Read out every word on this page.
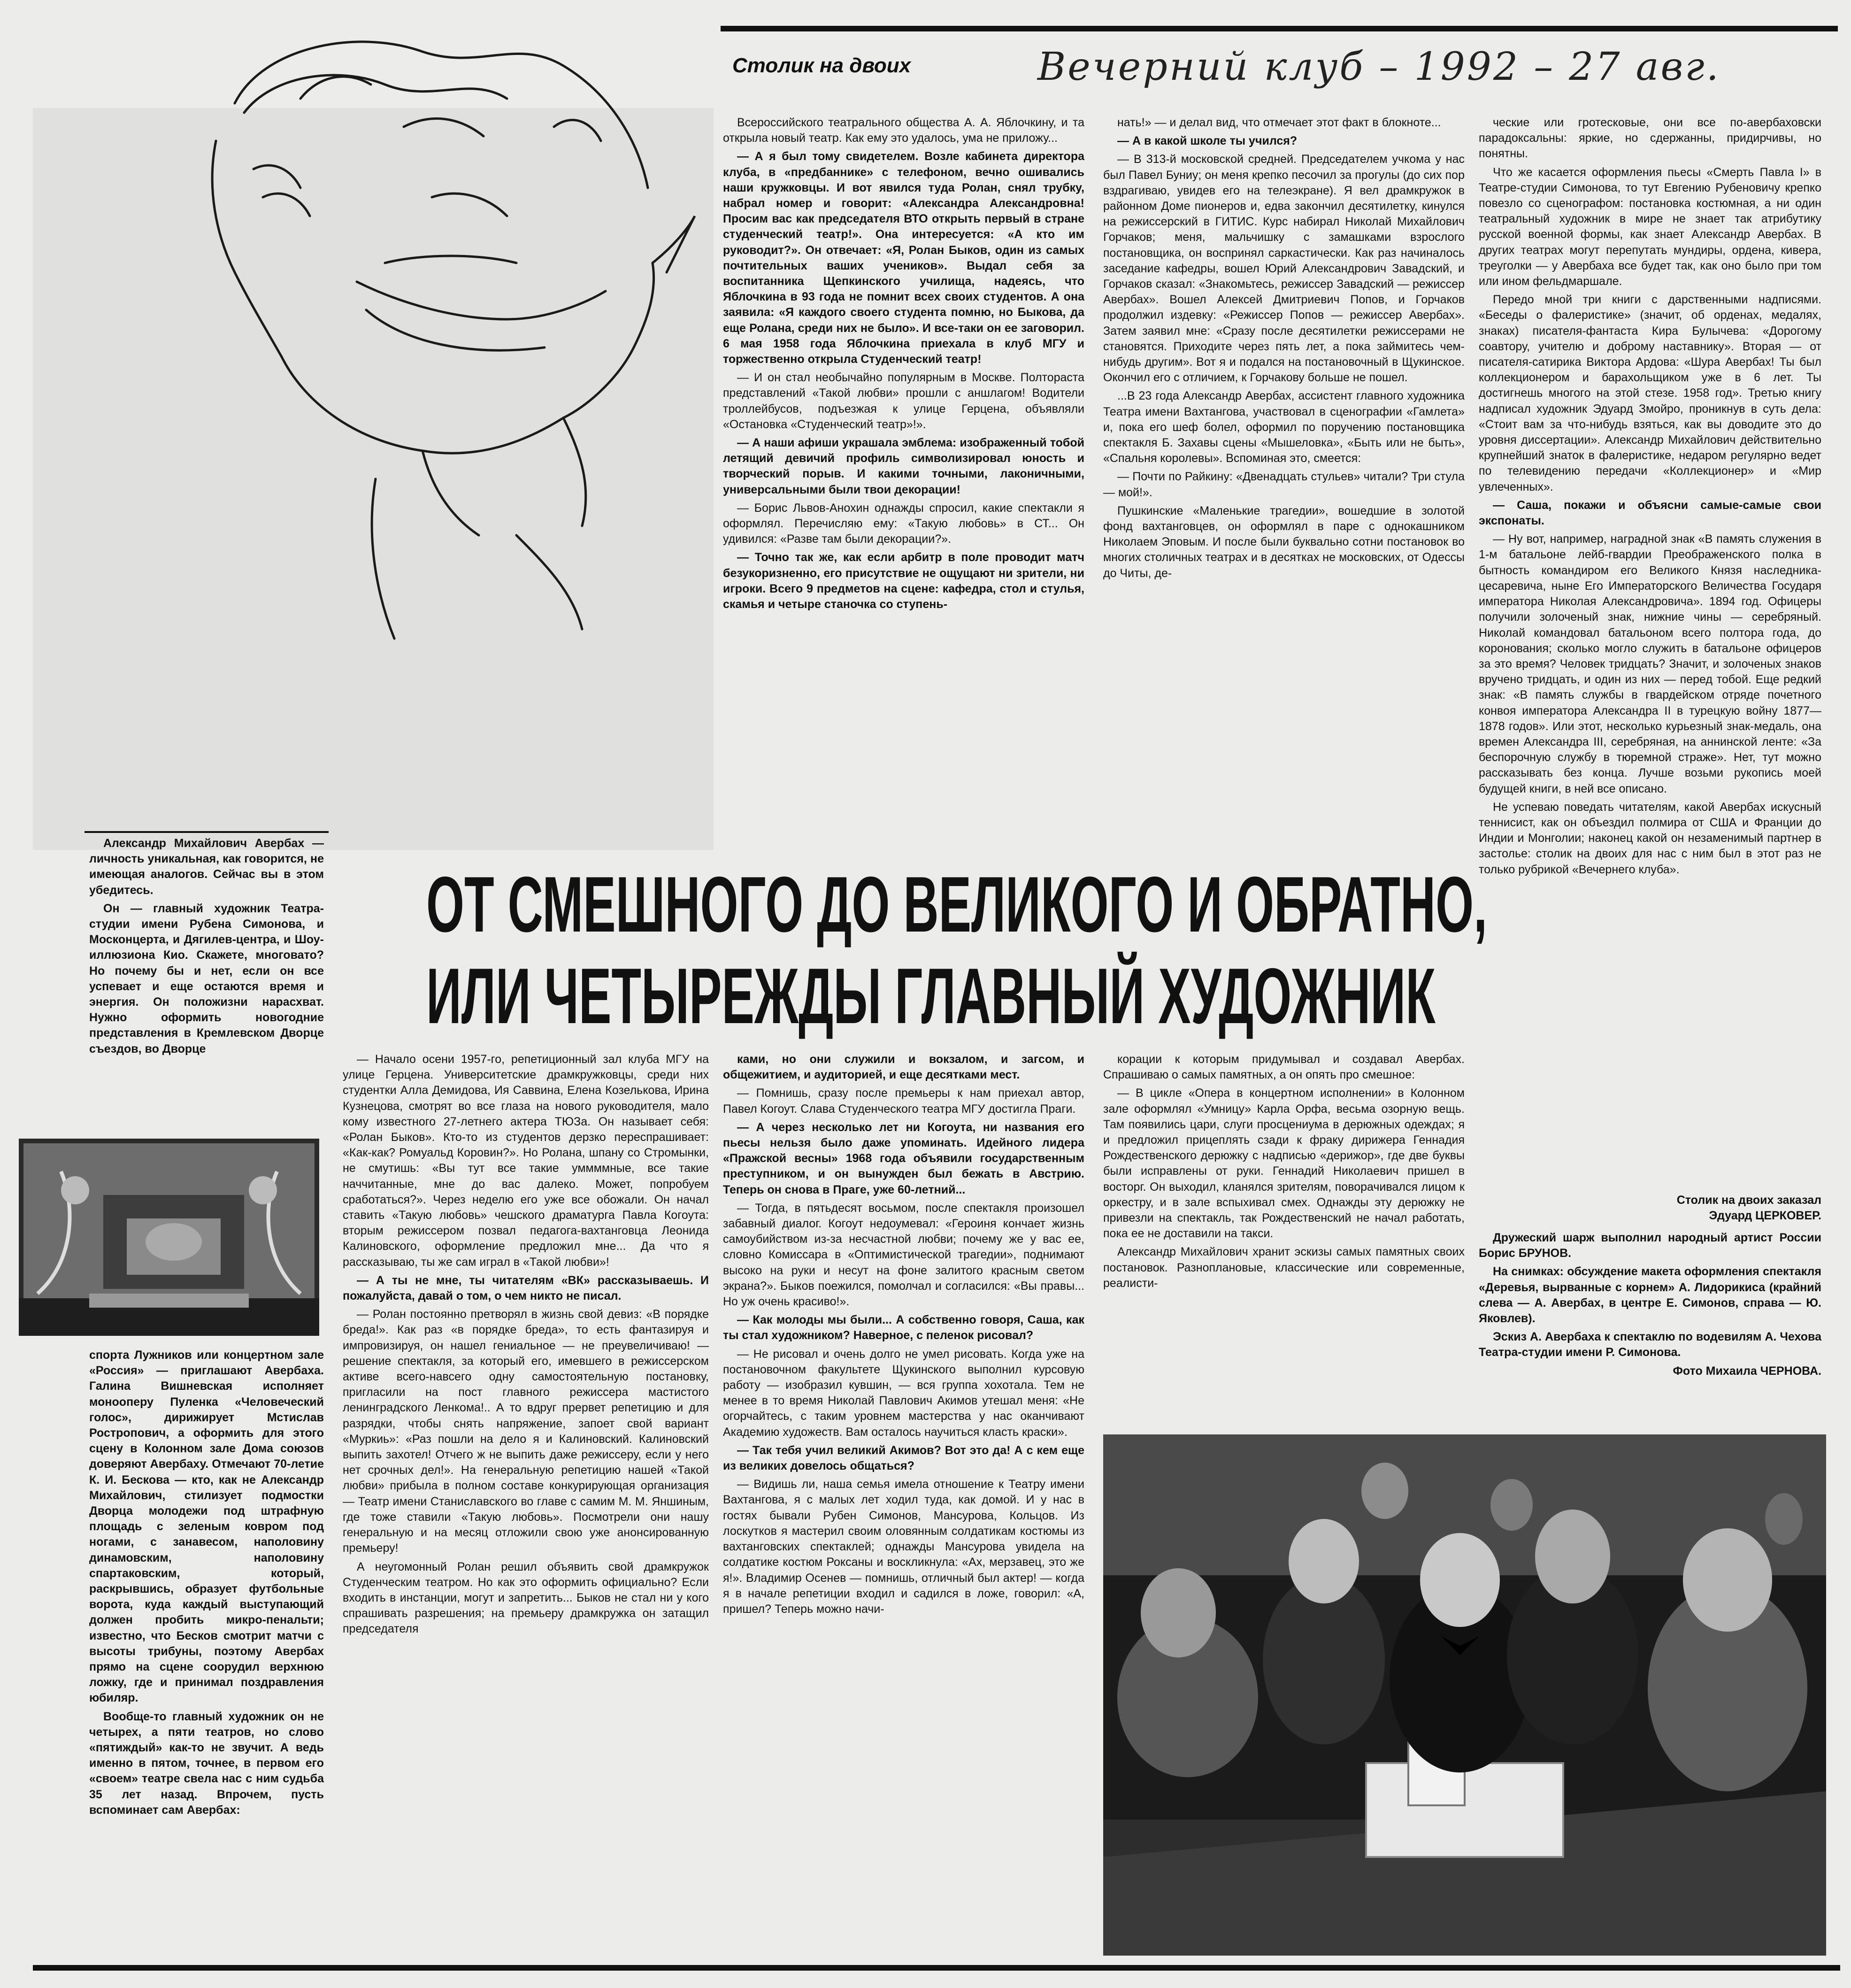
Столик на двоих	Вечерний клуб – 1992 – 27 авг.

Всероссийского театрального общества А. А. Яблочкину, и та открыла новый театр. Как ему это удалось, ума не приложу...

— А я был тому свидетелем. Возле кабинета директора клуба, в «предбаннике» с телефоном, вечно ошивались наши кружковцы. И вот явился туда Ролан, снял трубку, набрал номер и говорит: «Александра Александровна! Просим вас как председателя ВТО открыть первый в стране студенческий театр!». Она интересуется: «А кто им руководит?». Он отвечает: «Я, Ролан Быков, один из самых почтительных ваших учеников». Выдал себя за воспитанника Щепкинского училища, надеясь, что Яблочкина в 93 года не помнит всех своих студентов. А она заявила: «Я каждого своего студента помню, но Быкова, да еще Ролана, среди них не было». И все-таки он ее заговорил. 6 мая 1958 года Яблочкина приехала в клуб МГУ и торжественно открыла Студенческий театр!

— И он стал необычайно популярным в Москве. Полтораста представлений «Такой любви» прошли с аншлагом! Водители троллейбусов, подъезжая к улице Герцена, объявляли «Остановка «Студенческий театр»!».

— А наши афиши украшала эмблема: изображенный тобой летящий девичий профиль символизировал юность и творческий порыв. И какими точными, лаконичными, универсальными были твои декорации!

— Борис Львов-Анохин однажды спросил, какие спектакли я оформлял. Перечисляю ему: «Такую любовь» в СТ... Он удивился: «Разве там были декорации?».

— Точно так же, как если арбитр в поле проводит матч безукоризненно, его присутствие не ощущают ни зрители, ни игроки. Всего 9 предметов на сцене: кафедра, стол и стулья, скамья и четыре станочка со ступень-

нать!» — и делал вид, что отмечает этот факт в блокноте...

— А в какой школе ты учился?

— В 313-й московской средней. Председателем учкома у нас был Павел Буниу; он меня крепко песочил за прогулы (до сих пор вздрагиваю, увидев его на телеэкране). Я вел драмкружок в районном Доме пионеров и, едва закончил десятилетку, кинулся на режиссерский в ГИТИС. Курс набирал Николай Михайлович Горчаков; меня, мальчишку с замашками взрослого постановщика, он воспринял саркастически. Как раз начиналось заседание кафедры, вошел Юрий Александрович Завадский, и Горчаков сказал: «Знакомьтесь, режиссер Завадский — режиссер Авербах». Вошел Алексей Дмитриевич Попов, и Горчаков продолжил издевку: «Режиссер Попов — режиссер Авербах». Затем заявил мне: «Сразу после десятилетки режиссерами не становятся. Приходите через пять лет, а пока займитесь чем-нибудь другим». Вот я и подался на постановочный в Щукинское. Окончил его с отличием, к Горчакову больше не пошел.

...В 23 года Александр Авербах, ассистент главного художника Театра имени Вахтангова, участвовал в сценографии «Гамлета» и, пока его шеф болел, оформил по поручению постановщика спектакля Б. Захавы сцены «Мышеловка», «Быть или не быть», «Спальня королевы». Вспоминая это, смеется:

— Почти по Райкину: «Двенадцать стульев» читали? Три стула — мой!».

Пушкинские «Маленькие трагедии», вошедшие в золотой фонд вахтанговцев, он оформлял в паре с однокашником Николаем Эповым. И после были буквально сотни постановок во многих столичных театрах и в десятках не московских, от Одессы до Читы, де-

ческие или гротесковые, они все по-авербаховски парадоксальны: яркие, но сдержанны, придирчивы, но понятны.

Что же касается оформления пьесы «Смерть Павла I» в Театре-студии Симонова, то тут Евгению Рубеновичу крепко повезло со сценографом: постановка костюмная, а ни один театральный художник в мире не знает так атрибутику русской военной формы, как знает Александр Авербах. В других театрах могут перепутать мундиры, ордена, кивера, треуголки — у Авербаха все будет так, как оно было при том или ином фельдмаршале.

Передо мной три книги с дарственными надписями. «Беседы о фалеристике» (значит, об орденах, медалях, знаках) писателя-фантаста Кира Булычева: «Дорогому соавтору, учителю и доброму наставнику». Вторая — от писателя-сатирика Виктора Ардова: «Шура Авербах! Ты был коллекционером и барахольщиком уже в 6 лет. Ты достигнешь многого на этой стезе. 1958 год». Третью книгу надписал художник Эдуард Змойро, проникнув в суть дела: «Стоит вам за что-нибудь взяться, как вы доводите это до уровня диссертации». Александр Михайлович действительно крупнейший знаток в фалеристике, недаром регулярно ведет по телевидению передачи «Коллекционер» и «Мир увлеченных».

— Саша, покажи и объясни самые-самые свои экспонаты.

— Ну вот, например, наградной знак «В память служения в 1-м батальоне лейб-гвардии Преображенского полка в бытность командиром его Великого Князя наследника-цесаревича, ныне Его Императорского Величества Государя императора Николая Александровича». 1894 год. Офицеры получили золоченый знак, нижние чины — серебряный. Николай командовал батальоном всего полтора года, до коронования; сколько могло служить в батальоне офицеров за это время? Человек тридцать? Значит, и золоченых знаков вручено тридцать, и один из них — перед тобой. Еще редкий знак: «В память службы в гвардейском отряде почетного конвоя императора Александра II в турецкую войну 1877—1878 годов». Или этот, несколько курьезный знак-медаль, она времен Александра III, серебряная, на аннинской ленте: «За беспорочную службу в тюремной страже». Нет, тут можно рассказывать без конца. Лучше возьми рукопись моей будущей книги, в ней все описано.

Не успеваю поведать читателям, какой Авербах искусный теннисист, как он объездил полмира от США и Франции до Индии и Монголии; наконец какой он незаменимый партнер в застолье: столик на двоих для нас с ним был в этот раз не только рубрикой «Вечернего клуба».

Столик на двоих заказал
Эдуард ЦЕРКОВЕР.

Дружеский шарж выполнил народный артист России Борис БРУНОВ.

На снимках: обсуждение макета оформления спектакля «Деревья, вырванные с корнем» А. Лидорикиса (крайний слева — А. Авербах, в центре Е. Симонов, справа — Ю. Яковлев).

Эскиз А. Авербаха к спектаклю по водевилям А. Чехова Театра-студии имени Р. Симонова.

Фото Михаила ЧЕРНОВА.

Александр Михайлович Авербах — личность уникальная, как говорится, не имеющая аналогов. Сейчас вы в этом убедитесь.

Он — главный художник Театра-студии имени Рубена Симонова, и Москонцерта, и Дягилев-центра, и Шоу-иллюзиона Кио. Скажете, многовато? Но почему бы и нет, если он все успевает и еще остаются время и энергия. Он положизни нарасхват. Нужно оформить новогодние представления в Кремлевском Дворце съездов, во Дворце

ОТ СМЕШНОГО ДО ВЕЛИКОГО И ОБРАТНО,
ИЛИ ЧЕТЫРЕЖДЫ ГЛАВНЫЙ ХУДОЖНИК

спорта Лужников или концертном зале «Россия» — приглашают Авербаха. Галина Вишневская исполняет монооперу Пуленка «Человеческий голос», дирижирует Мстислав Ростропович, а оформить для этого сцену в Колонном зале Дома союзов доверяют Авербаху. Отмечают 70-летие К. И. Бескова — кто, как не Александр Михайлович, стилизует подмостки Дворца молодежи под штрафную площадь с зеленым ковром под ногами, с занавесом, наполовину динамовским, наполовину спартаковским, который, раскрывшись, образует футбольные ворота, куда каждый выступающий должен пробить микро-пенальти; известно, что Бесков смотрит матчи с высоты трибуны, поэтому Авербах прямо на сцене соорудил верхнюю ложку, где и принимал поздравления юбиляр.

Вообще-то главный художник он не четырех, а пяти театров, но слово «пятиждый» как-то не звучит. А ведь именно в пятом, точнее, в первом его «своем» театре свела нас с ним судьба 35 лет назад. Впрочем, пусть вспоминает сам Авербах:

— Начало осени 1957-го, репетиционный зал клуба МГУ на улице Герцена. Университетские драмкружковцы, среди них студентки Алла Демидова, Ия Саввина, Елена Козелькова, Ирина Кузнецова, смотрят во все глаза на нового руководителя, мало кому известного 27-летнего актера ТЮЗа. Он называет себя: «Ролан Быков». Кто-то из студентов дерзко переспрашивает: «Как-как? Ромуальд Коровин?». Но Ролана, шпану со Стромынки, не смутишь: «Вы тут все такие уммммные, все такие наччитанные, мне до вас далеко. Может, попробуем сработаться?». Через неделю его уже все обожали. Он начал ставить «Такую любовь» чешского драматурга Павла Когоута: вторым режиссером позвал педагога-вахтанговца Леонида Калиновского, оформление предложил мне... Да что я рассказываю, ты же сам играл в «Такой любви»!

— А ты не мне, ты читателям «ВК» рассказываешь. И пожалуйста, давай о том, о чем никто не писал.

— Ролан постоянно претворял в жизнь свой девиз: «В порядке бреда!». Как раз «в порядке бреда», то есть фантазируя и импровизируя, он нашел гениальное — не преувеличиваю! — решение спектакля, за который его, имевшего в режиссерском активе всего-навсего одну самостоятельную постановку, пригласили на пост главного режиссера мастистого ленинградского Ленкома!.. А то вдруг прервет репетицию и для разрядки, чтобы снять напряжение, запоет свой вариант «Муркиь»: «Раз пошли на дело я и Калиновский. Калиновский выпить захотел! Отчего ж не выпить даже режиссеру, если у него нет срочных дел!». На генеральную репетицию нашей «Такой любви» прибыла в полном составе конкурирующая организация — Театр имени Станиславского во главе с самим М. М. Яншиным, где тоже ставили «Такую любовь». Посмотрели они нашу генеральную и на месяц отложили свою уже анонсированную премьеру!

А неугомонный Ролан решил объявить свой драмкружок Студенческим театром. Но как это оформить официально? Если входить в инстанции, могут и запретить... Быков не стал ни у кого спрашивать разрешения; на премьеру драмкружка он затащил председателя

ками, но они служили и вокзалом, и загсом, и общежитием, и аудиторией, и еще десятками мест.

— Помнишь, сразу после премьеры к нам приехал автор, Павел Когоут. Слава Студенческого театра МГУ достигла Праги.

— А через несколько лет ни Когоута, ни названия его пьесы нельзя было даже упоминать. Идейного лидера «Пражской весны» 1968 года объявили государственным преступником, и он вынужден был бежать в Австрию. Теперь он снова в Праге, уже 60-летний...

— Тогда, в пятьдесят восьмом, после спектакля произошел забавный диалог. Когоут недоумевал: «Героиня кончает жизнь самоубийством из-за несчастной любви; почему же у вас ее, словно Комиссара в «Оптимистической трагедии», поднимают высоко на руки и несут на фоне залитого красным светом экрана?». Быков поежился, помолчал и согласился: «Вы правы... Но уж очень красиво!».

— Как молоды мы были... А собственно говоря, Саша, как ты стал художником? Наверное, с пеленок рисовал?

— Не рисовал и очень долго не умел рисовать. Когда уже на постановочном факультете Щукинского выполнил курсовую работу — изобразил кувшин, — вся группа хохотала. Тем не менее в то время Николай Павлович Акимов утешал меня: «Не огорчайтесь, с таким уровнем мастерства у нас оканчивают Академию художеств. Вам осталось научиться класть краски».

— Так тебя учил великий Акимов? Вот это да! А с кем еще из великих довелось общаться?

— Видишь ли, наша семья имела отношение к Театру имени Вахтангова, я с малых лет ходил туда, как домой. И у нас в гостях бывали Рубен Симонов, Мансурова, Кольцов. Из лоскутков я мастерил своим оловянным солдатикам костюмы из вахтанговских спектаклей; однажды Мансурова увидела на солдатике костюм Роксаны и воскликнула: «Ах, мерзавец, это же я!». Владимир Осенев — помнишь, отличный был актер! — когда я в начале репетиции входил и садился в ложе, говорил: «А, пришел? Теперь можно начи-

корации к которым придумывал и создавал Авербах. Спрашиваю о самых памятных, а он опять про смешное:

— В цикле «Опера в концертном исполнении» в Колонном зале оформлял «Умницу» Карла Орфа, весьма озорную вещь. Там появились цари, слуги просцениума в дерюжных одеждах; я и предложил прицеплять сзади к фраку дирижера Геннадия Рождественского дерюжку с надписью «дерижор», где две буквы были исправлены от руки. Геннадий Николаевич пришел в восторг. Он выходил, кланялся зрителям, поворачивался лицом к оркестру, и в зале вспыхивал смех. Однажды эту дерюжку не привезли на спектакль, так Рождественский не начал работать, пока ее не доставили на такси.

Александр Михайлович хранит эскизы самых памятных своих постановок. Разноплановые, классические или современные, реалисти-
